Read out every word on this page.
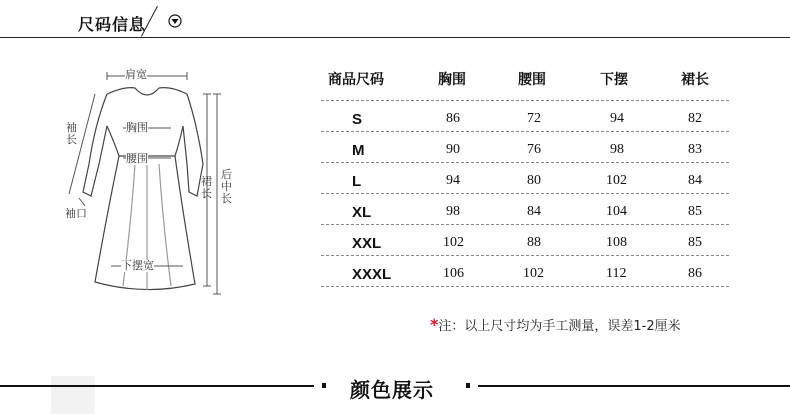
尺码信息
肩宽
袖长
胸围
腰围
袖口
下摆宽
裙长
后中长
商品尺码	胸围	腰围	下摆	裙长
S	86	72	94	82
M	90	76	98	83
L	94	80	102	84
XL	98	84	104	85
XXL	102	88	108	85
XXXL	106	102	112	86
*注：以上尺寸均为手工测量，误差1-2厘米
颜色展示
